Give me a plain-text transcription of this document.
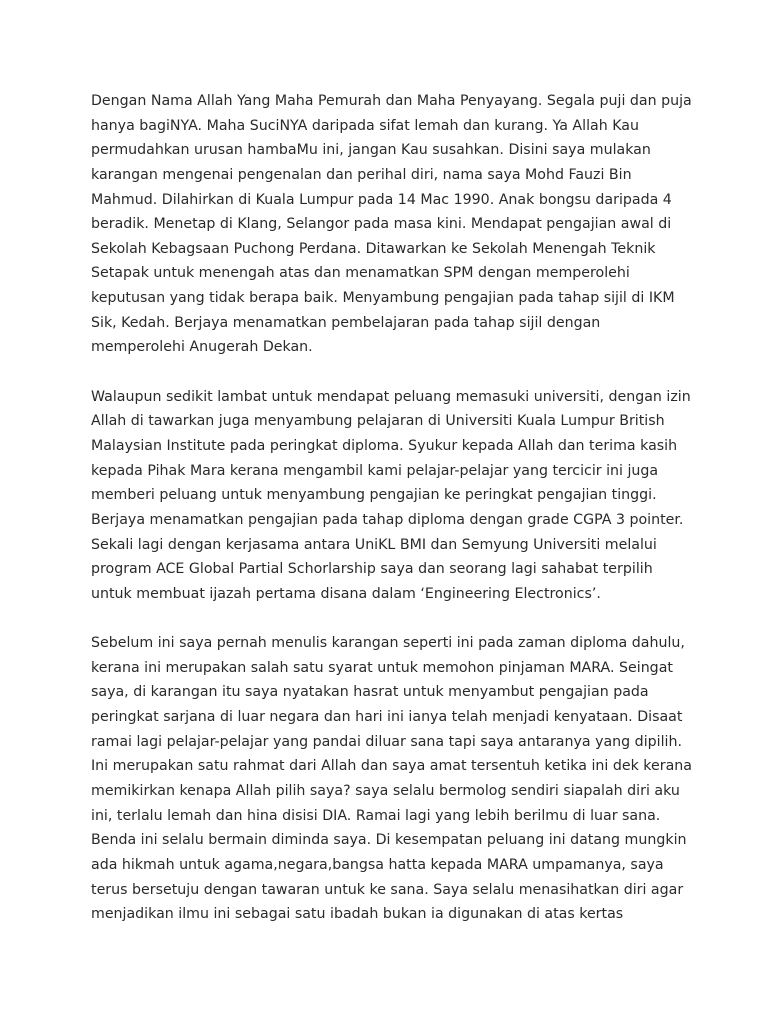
Dengan Nama Allah Yang Maha Pemurah dan Maha Penyayang. Segala puji dan puja
hanya bagiNYA. Maha SuciNYA daripada sifat lemah dan kurang. Ya Allah Kau
permudahkan urusan hambaMu ini, jangan Kau susahkan. Disini saya mulakan
karangan mengenai pengenalan dan perihal diri, nama saya Mohd Fauzi Bin
Mahmud. Dilahirkan di Kuala Lumpur pada 14 Mac 1990. Anak bongsu daripada 4
beradik. Menetap di Klang, Selangor pada masa kini. Mendapat pengajian awal di
Sekolah Kebagsaan Puchong Perdana. Ditawarkan ke Sekolah Menengah Teknik
Setapak untuk menengah atas dan menamatkan SPM dengan memperolehi
keputusan yang tidak berapa baik. Menyambung pengajian pada tahap sijil di IKM
Sik, Kedah. Berjaya menamatkan pembelajaran pada tahap sijil dengan
memperolehi Anugerah Dekan.
Walaupun sedikit lambat untuk mendapat peluang memasuki universiti, dengan izin
Allah di tawarkan juga menyambung pelajaran di Universiti Kuala Lumpur British
Malaysian Institute pada peringkat diploma. Syukur kepada Allah dan terima kasih
kepada Pihak Mara kerana mengambil kami pelajar-pelajar yang tercicir ini juga
memberi peluang untuk menyambung pengajian ke peringkat pengajian tinggi.
Berjaya menamatkan pengajian pada tahap diploma dengan grade CGPA 3 pointer.
Sekali lagi dengan kerjasama antara UniKL BMI dan Semyung Universiti melalui
program ACE Global Partial Schorlarship saya dan seorang lagi sahabat terpilih
untuk membuat ijazah pertama disana dalam ‘Engineering Electronics’.
Sebelum ini saya pernah menulis karangan seperti ini pada zaman diploma dahulu,
kerana ini merupakan salah satu syarat untuk memohon pinjaman MARA. Seingat
saya, di karangan itu saya nyatakan hasrat untuk menyambut pengajian pada
peringkat sarjana di luar negara dan hari ini ianya telah menjadi kenyataan. Disaat
ramai lagi pelajar-pelajar yang pandai diluar sana tapi saya antaranya yang dipilih.
Ini merupakan satu rahmat dari Allah dan saya amat tersentuh ketika ini dek kerana
memikirkan kenapa Allah pilih saya? saya selalu bermolog sendiri siapalah diri aku
ini, terlalu lemah dan hina disisi DIA. Ramai lagi yang lebih berilmu di luar sana.
Benda ini selalu bermain diminda saya. Di kesempatan peluang ini datang mungkin
ada hikmah untuk agama,negara,bangsa hatta kepada MARA umpamanya, saya
terus bersetuju dengan tawaran untuk ke sana. Saya selalu menasihatkan diri agar
menjadikan ilmu ini sebagai satu ibadah bukan ia digunakan di atas kertas
